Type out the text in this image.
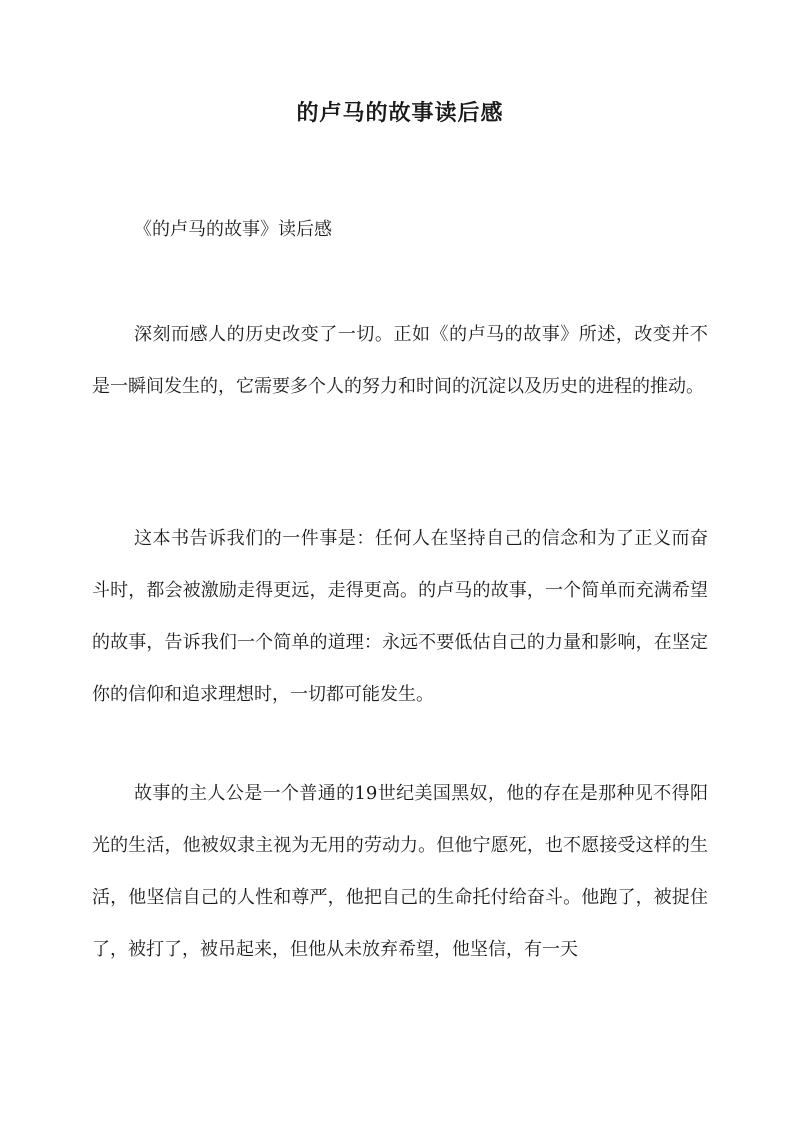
的卢马的故事读后感

《的卢马的故事》读后感

深刻而感人的历史改变了一切。正如《的卢马的故事》所述，改变并不是一瞬间发生的，它需要多个人的努力和时间的沉淀以及历史的进程的推动。

这本书告诉我们的一件事是：任何人在坚持自己的信念和为了正义而奋斗时，都会被激励走得更远，走得更高。的卢马的故事，一个简单而充满希望的故事，告诉我们一个简单的道理：永远不要低估自己的力量和影响，在坚定你的信仰和追求理想时，一切都可能发生。

故事的主人公是一个普通的19世纪美国黑奴，他的存在是那种见不得阳光的生活，他被奴隶主视为无用的劳动力。但他宁愿死，也不愿接受这样的生活，他坚信自己的人性和尊严，他把自己的生命托付给奋斗。他跑了，被捉住了，被打了，被吊起来，但他从未放弃希望，他坚信，有一天
